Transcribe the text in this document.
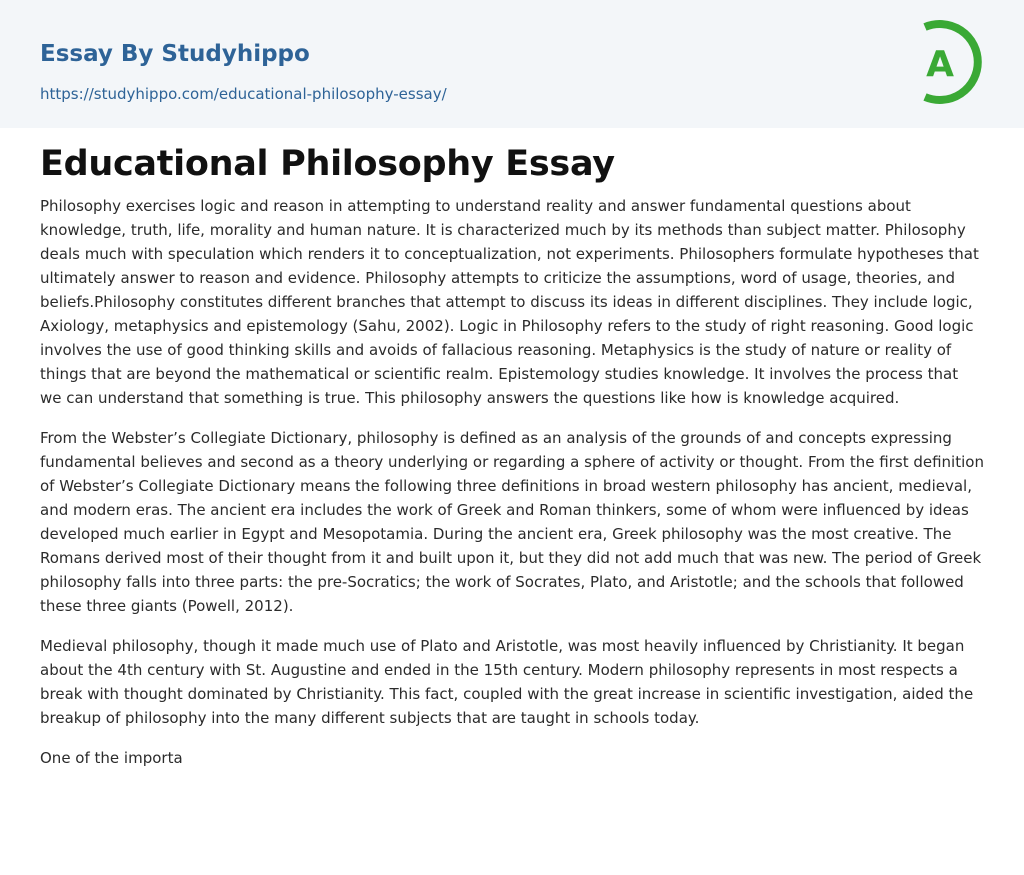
Essay By Studyhippo
https://studyhippo.com/educational-philosophy-essay/
A
Educational Philosophy Essay

Philosophy exercises logic and reason in attempting to understand reality and answer fundamental questions about knowledge, truth, life, morality and human nature. It is characterized much by its methods than subject matter. Philosophy deals much with speculation which renders it to conceptualization, not experiments. Philosophers formulate hypotheses that ultimately answer to reason and evidence. Philosophy attempts to criticize the assumptions, word of usage, theories, and beliefs.Philosophy constitutes different branches that attempt to discuss its ideas in different disciplines. They include logic, Axiology, metaphysics and epistemology (Sahu, 2002). Logic in Philosophy refers to the study of right reasoning. Good logic involves the use of good thinking skills and avoids of fallacious reasoning. Metaphysics is the study of nature or reality of things that are beyond the mathematical or scientific realm. Epistemology studies knowledge. It involves the process that we can understand that something is true. This philosophy answers the questions like how is knowledge acquired.

From the Webster’s Collegiate Dictionary, philosophy is defined as an analysis of the grounds of and concepts expressing fundamental believes and second as a theory underlying or regarding a sphere of activity or thought. From the first definition of Webster’s Collegiate Dictionary means the following three definitions in broad western philosophy has ancient, medieval, and modern eras. The ancient era includes the work of Greek and Roman thinkers, some of whom were influenced by ideas developed much earlier in Egypt and Mesopotamia. During the ancient era, Greek philosophy was the most creative. The Romans derived most of their thought from it and built upon it, but they did not add much that was new. The period of Greek philosophy falls into three parts: the pre-Socratics; the work of Socrates, Plato, and Aristotle; and the schools that followed these three giants (Powell, 2012).

Medieval philosophy, though it made much use of Plato and Aristotle, was most heavily influenced by Christianity. It began about the 4th century with St. Augustine and ended in the 15th century. Modern philosophy represents in most respects a break with thought dominated by Christianity. This fact, coupled with the great increase in scientific investigation, aided the breakup of philosophy into the many different subjects that are taught in schools today.

One of the importa
